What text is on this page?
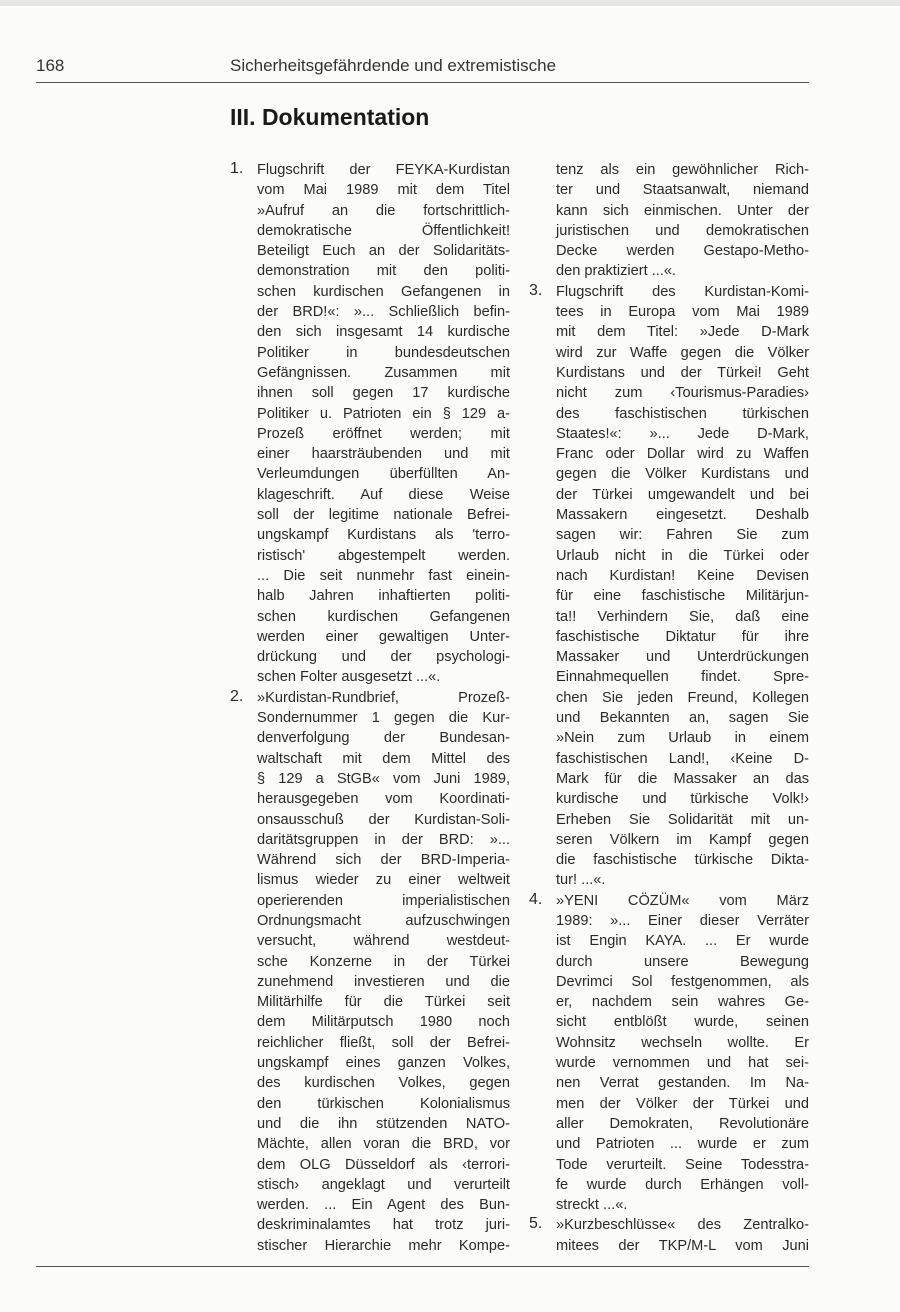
168	Sicherheitsgefährdende und extremistische
III. Dokumentation
1. Flugschrift der FEYKA-Kurdistan
vom Mai 1989 mit dem Titel
»Aufruf an die fortschrittlich-
demokratische Öffentlichkeit!
Beteiligt Euch an der Solidaritäts-
demonstration mit den politi-
schen kurdischen Gefangenen in
der BRD!«: »... Schließlich befin-
den sich insgesamt 14 kurdische
Politiker in bundesdeutschen
Gefängnissen. Zusammen mit
ihnen soll gegen 17 kurdische
Politiker u. Patrioten ein § 129 a-
Prozeß eröffnet werden; mit
einer haarsträubenden und mit
Verleumdungen überfüllten An-
klageschrift. Auf diese Weise
soll der legitime nationale Befrei-
ungskampf Kurdistans als 'terro-
ristisch' abgestempelt werden.
... Die seit nunmehr fast einein-
halb Jahren inhaftierten politi-
schen kurdischen Gefangenen
werden einer gewaltigen Unter-
drückung und der psychologi-
schen Folter ausgesetzt ...«.
2. »Kurdistan-Rundbrief, Prozeß-
Sondernummer 1 gegen die Kur-
denverfolgung der Bundesan-
waltschaft mit dem Mittel des
§ 129 a StGB« vom Juni 1989,
herausgegeben vom Koordinati-
onsausschuß der Kurdistan-Soli-
daritätsgruppen in der BRD: »...
Während sich der BRD-Imperia-
lismus wieder zu einer weltweit
operierenden imperialistischen
Ordnungsmacht aufzuschwingen
versucht, während westdeut-
sche Konzerne in der Türkei
zunehmend investieren und die
Militärhilfe für die Türkei seit
dem Militärputsch 1980 noch
reichlicher fließt, soll der Befrei-
ungskampf eines ganzen Volkes,
des kurdischen Volkes, gegen
den türkischen Kolonialismus
und die ihn stützenden NATO-
Mächte, allen voran die BRD, vor
dem OLG Düsseldorf als ‹terrori-
stisch› angeklagt und verurteilt
werden. ... Ein Agent des Bun-
deskriminalamtes hat trotz juri-
stischer Hierarchie mehr Kompe-
tenz als ein gewöhnlicher Rich-
ter und Staatsanwalt, niemand
kann sich einmischen. Unter der
juristischen und demokratischen
Decke werden Gestapo-Metho-
den praktiziert ...«.
3. Flugschrift des Kurdistan-Komi-
tees in Europa vom Mai 1989
mit dem Titel: »Jede D-Mark
wird zur Waffe gegen die Völker
Kurdistans und der Türkei! Geht
nicht zum ‹Tourismus-Paradies›
des faschistischen türkischen
Staates!«: »... Jede D-Mark,
Franc oder Dollar wird zu Waffen
gegen die Völker Kurdistans und
der Türkei umgewandelt und bei
Massakern eingesetzt. Deshalb
sagen wir: Fahren Sie zum
Urlaub nicht in die Türkei oder
nach Kurdistan! Keine Devisen
für eine faschistische Militärjun-
ta!! Verhindern Sie, daß eine
faschistische Diktatur für ihre
Massaker und Unterdrückungen
Einnahmequellen findet. Spre-
chen Sie jeden Freund, Kollegen
und Bekannten an, sagen Sie
»Nein zum Urlaub in einem
faschistischen Land!, ‹Keine D-
Mark für die Massaker an das
kurdische und türkische Volk!›
Erheben Sie Solidarität mit un-
seren Völkern im Kampf gegen
die faschistische türkische Dikta-
tur! ...«.
4. »YENI CÖZÜM« vom März
1989: »... Einer dieser Verräter
ist Engin KAYA. ... Er wurde
durch unsere Bewegung
Devrimci Sol festgenommen, als
er, nachdem sein wahres Ge-
sicht entblößt wurde, seinen
Wohnsitz wechseln wollte. Er
wurde vernommen und hat sei-
nen Verrat gestanden. Im Na-
men der Völker der Türkei und
aller Demokraten, Revolutionäre
und Patrioten ... wurde er zum
Tode verurteilt. Seine Todesstra-
fe wurde durch Erhängen voll-
streckt ...«.
5. »Kurzbeschlüsse« des Zentralko-
mitees der TKP/M-L vom Juni
